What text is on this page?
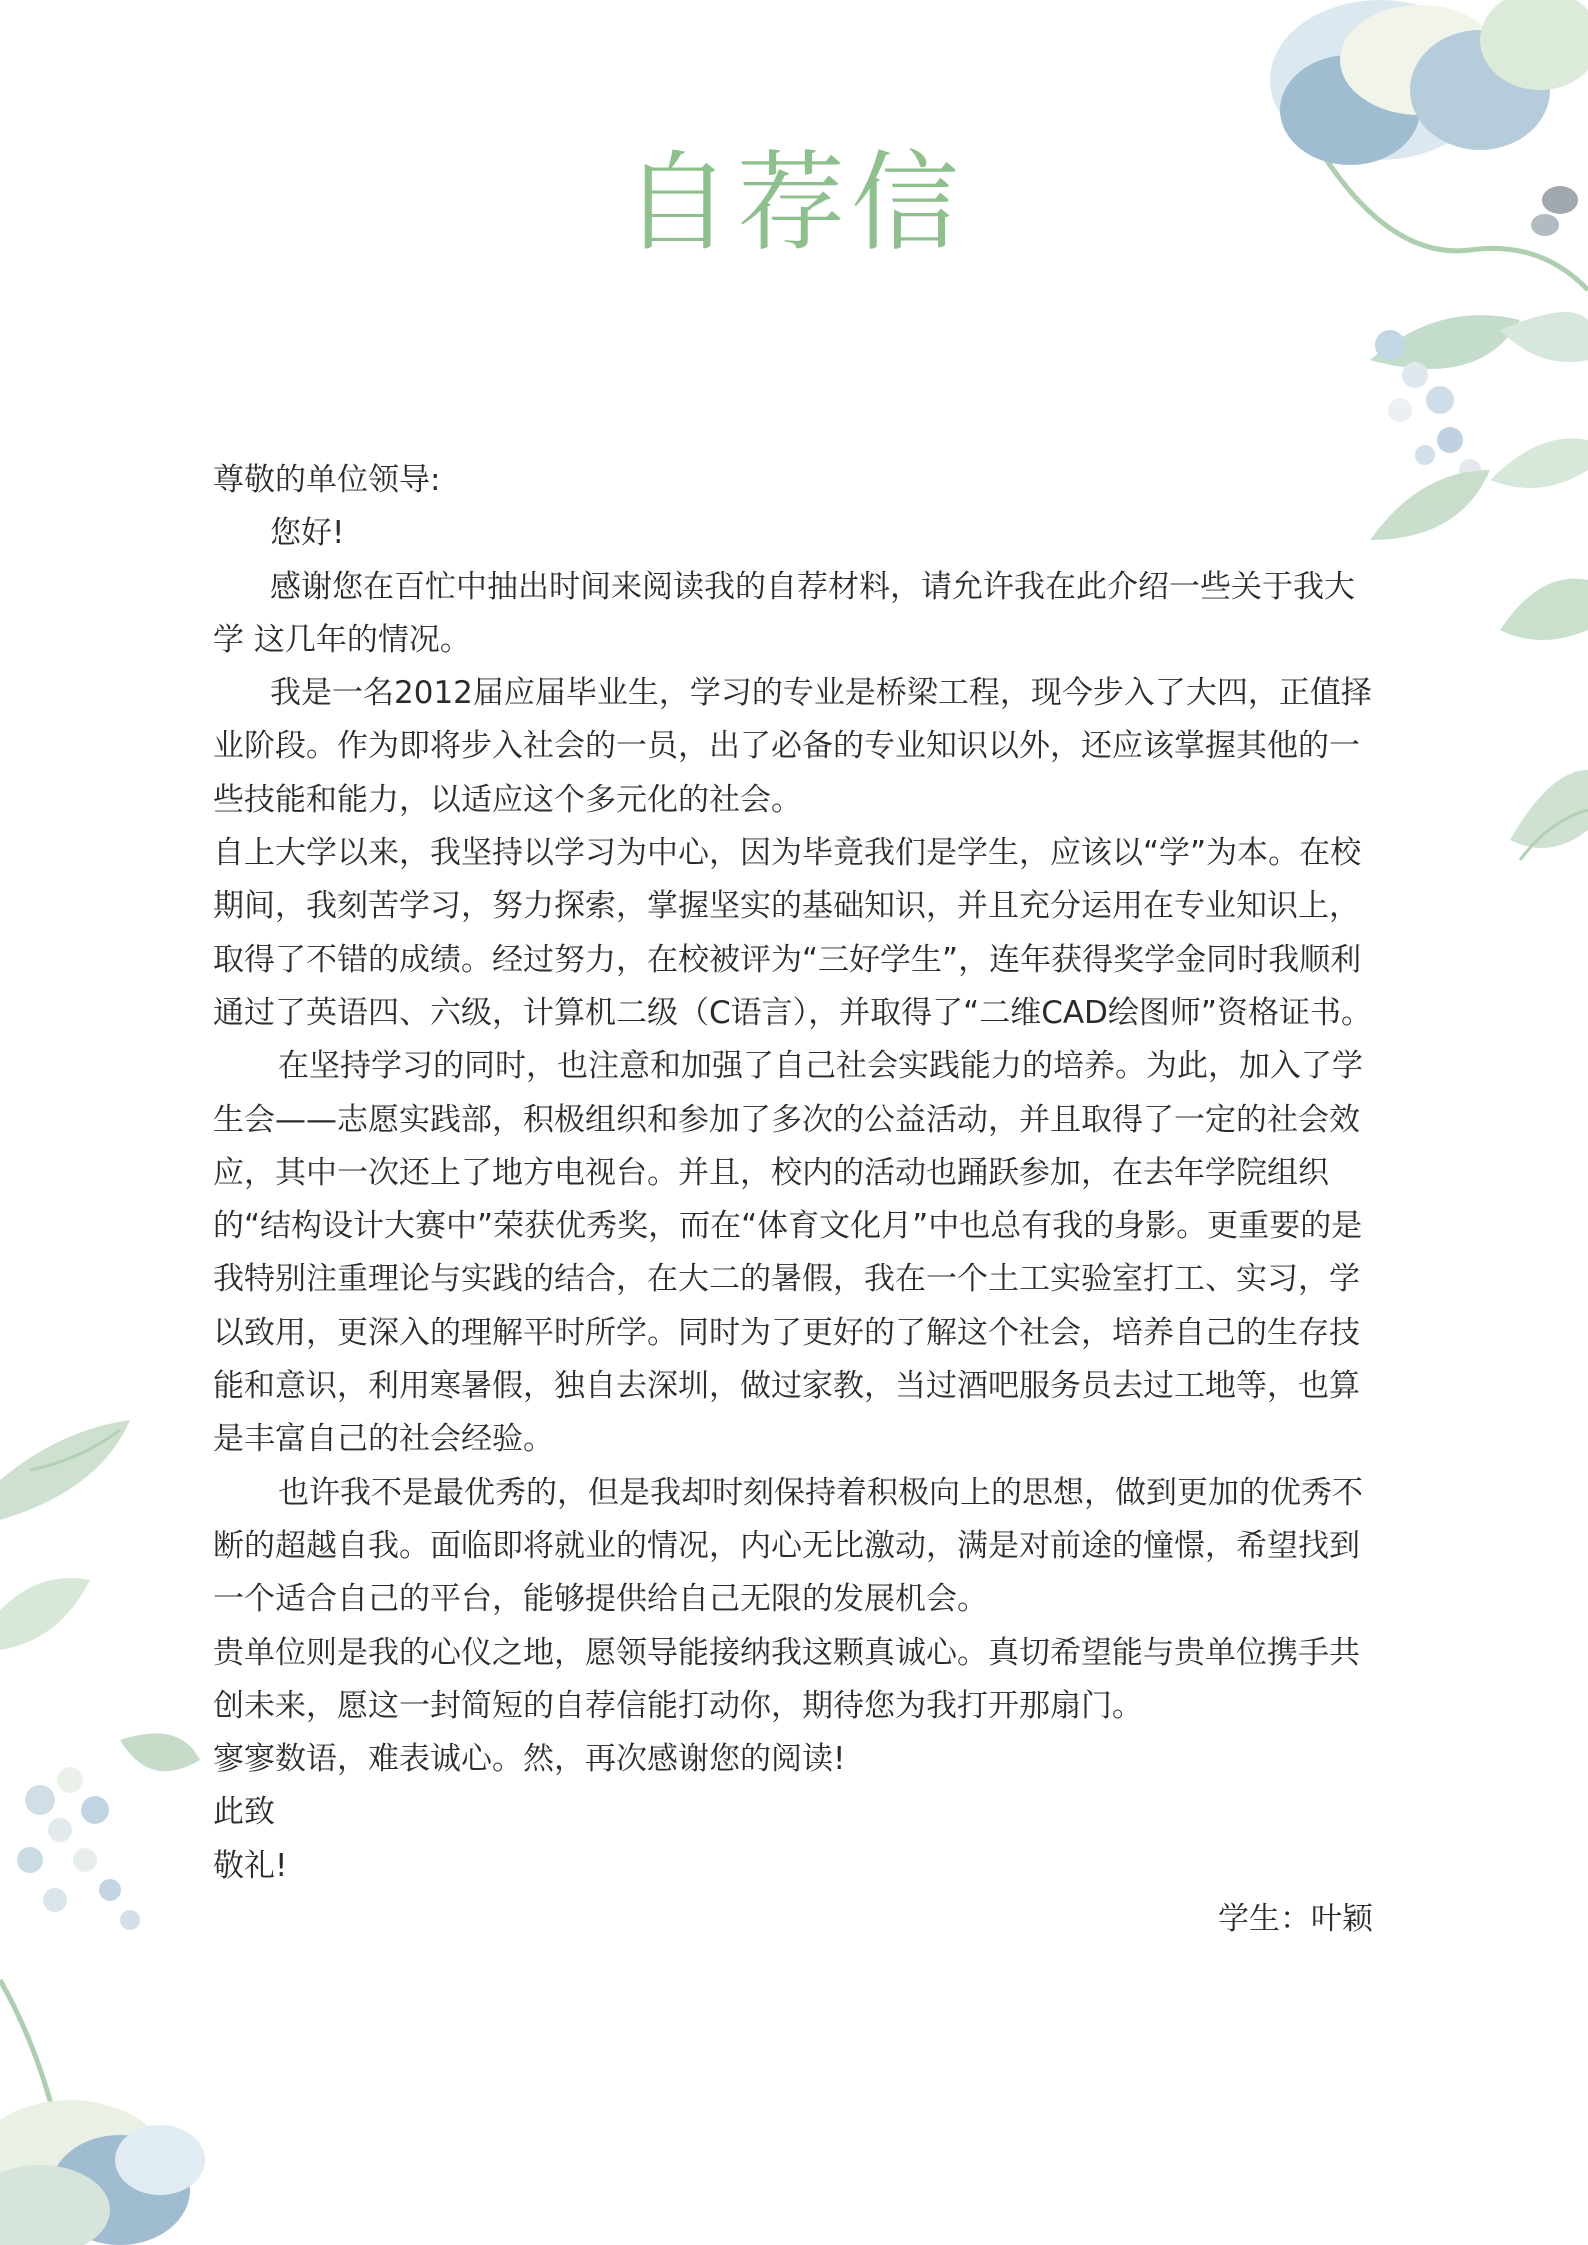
自荐信

尊敬的单位领导:

您好!

感谢您在百忙中抽出时间来阅读我的自荐材料，请允许我在此介绍一些关于我大学 这几年的情况。

我是一名2012届应届毕业生，学习的专业是桥梁工程，现今步入了大四，正值择业阶段。作为即将步入社会的一员，出了必备的专业知识以外，还应该掌握其他的一些技能和能力，以适应这个多元化的社会。

自上大学以来，我坚持以学习为中心，因为毕竟我们是学生，应该以“学”为本。在校期间，我刻苦学习，努力探索，掌握坚实的基础知识，并且充分运用在专业知识上，取得了不错的成绩。经过努力，在校被评为“三好学生”，连年获得奖学金同时我顺利通过了英语四、六级，计算机二级（C语言），并取得了“二维CAD绘图师”资格证书。

在坚持学习的同时，也注意和加强了自己社会实践能力的培养。为此，加入了学生会——志愿实践部，积极组织和参加了多次的公益活动，并且取得了一定的社会效应，其中一次还上了地方电视台。并且，校内的活动也踊跃参加，在去年学院组织的“结构设计大赛中”荣获优秀奖，而在“体育文化月”中也总有我的身影。更重要的是我特别注重理论与实践的结合，在大二的暑假，我在一个土工实验室打工、实习，学以致用，更深入的理解平时所学。同时为了更好的了解这个社会，培养自己的生存技能和意识，利用寒暑假，独自去深圳，做过家教，当过酒吧服务员去过工地等，也算是丰富自己的社会经验。

也许我不是最优秀的，但是我却时刻保持着积极向上的思想，做到更加的优秀不断的超越自我。面临即将就业的情况，内心无比激动，满是对前途的憧憬，希望找到一个适合自己的平台，能够提供给自己无限的发展机会。

贵单位则是我的心仪之地，愿领导能接纳我这颗真诚心。真切希望能与贵单位携手共创未来，愿这一封简短的自荐信能打动你，期待您为我打开那扇门。

寥寥数语，难表诚心。然，再次感谢您的阅读!

此致

敬礼!

学生：叶颖
